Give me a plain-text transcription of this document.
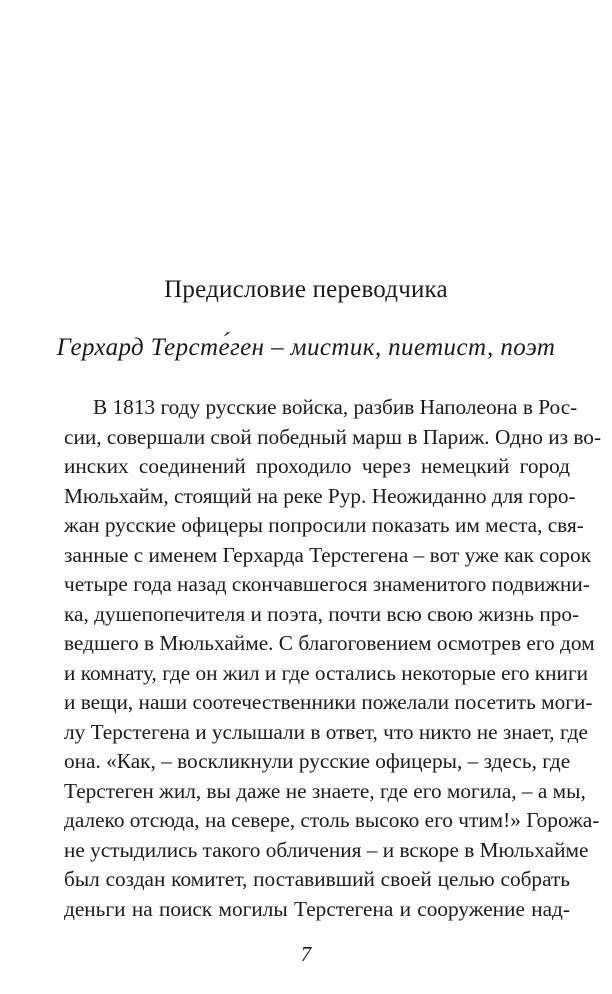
Предисловие переводчика
Герхард Терсте́ген – мистик, пиетист, поэт
В 1813 году русские войска, разбив Наполеона в Рос-
сии, совершали свой победный марш в Париж. Одно из во-
инских соединений проходило через немецкий город
Мюльхайм, стоящий на реке Рур. Неожиданно для горо-
жан русские офицеры попросили показать им места, свя-
занные с именем Герхарда Терстегена – вот уже как сорок
четыре года назад скончавшегося знаменитого подвижни-
ка, душепопечителя и поэта, почти всю свою жизнь про-
ведшего в Мюльхайме. С благоговением осмотрев его дом
и комнату, где он жил и где остались некоторые его книги
и вещи, наши соотечественники пожелали посетить моги-
лу Терстегена и услышали в ответ, что никто не знает, где
она. «Как, – воскликнули русские офицеры, – здесь, где
Терстеген жил, вы даже не знаете, где его могила, – а мы,
далеко отсюда, на севере, столь высоко его чтим!» Горожа-
не устыдились такого обличения – и вскоре в Мюльхайме
был создан комитет, поставивший своей целью собрать
деньги на поиск могилы Терстегена и сооружение над-
7
